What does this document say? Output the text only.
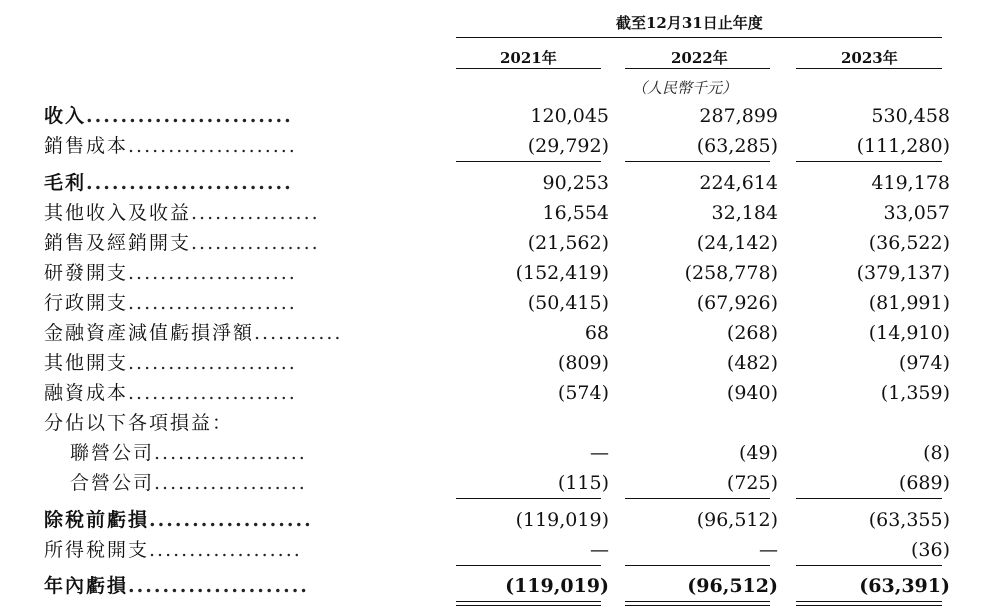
截至12月31日止年度
2021年	2022年	2023年
（人民幣千元）
收入........................	120,045	287,899	530,458
銷售成本.....................	(29,792)	(63,285)	(111,280)
毛利........................	90,253	224,614	419,178
其他收入及收益................	16,554	32,184	33,057
銷售及經銷開支................	(21,562)	(24,142)	(36,522)
研發開支.....................	(152,419)	(258,778)	(379,137)
行政開支.....................	(50,415)	(67,926)	(81,991)
金融資產減值虧損淨額...........	68	(268)	(14,910)
其他開支.....................	(809)	(482)	(974)
融資成本.....................	(574)	(940)	(1,359)
分佔以下各項損益：
聯營公司...................	—	(49)	(8)
合營公司...................	(115)	(725)	(689)
除稅前虧損...................	(119,019)	(96,512)	(63,355)
所得稅開支...................	—	—	(36)
年內虧損.....................	(119,019)	(96,512)	(63,391)
